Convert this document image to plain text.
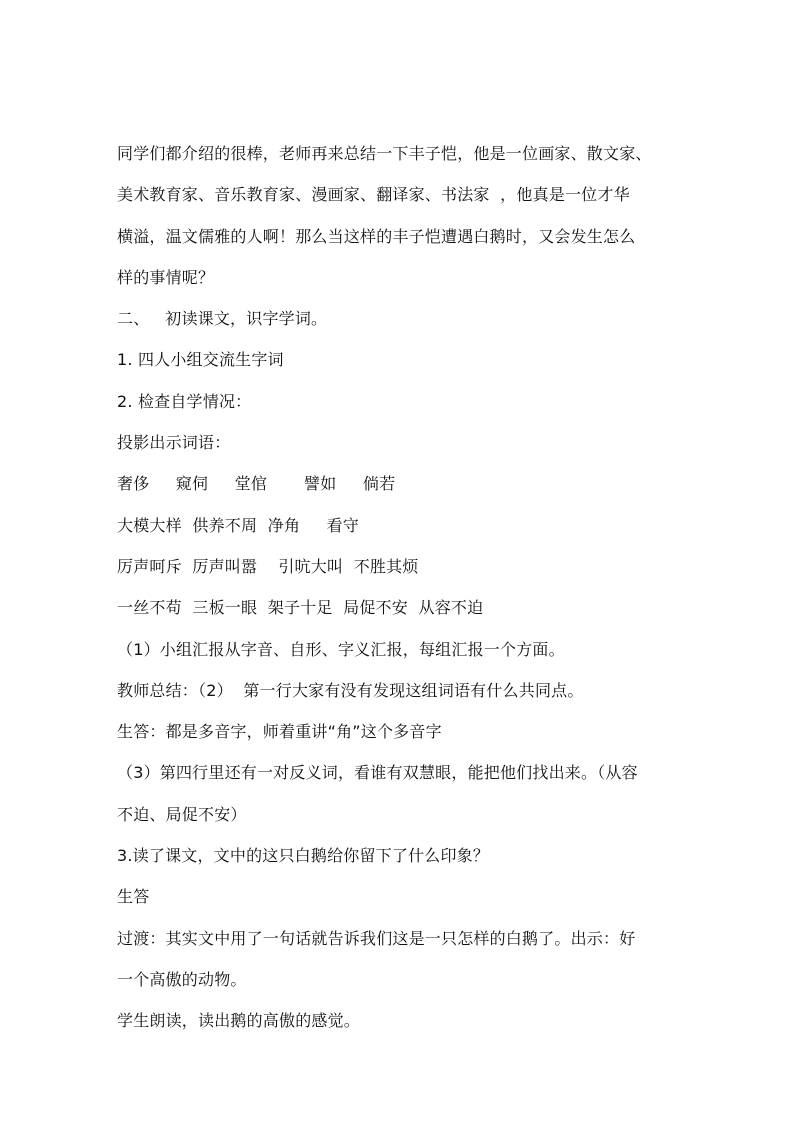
同学们都介绍的很棒，老师再来总结一下丰子恺，他是一位画家、散文家、
美术教育家、音乐教育家、漫画家、翻译家、书法家  ，他真是一位才华
横溢，温文儒雅的人啊！那么当这样的丰子恺遭遇白鹅时，又会发生怎么
样的事情呢？
二、   初读课文，识字学词。
1. 四人小组交流生字词
2. 检查自学情况：
投影出示词语：
奢侈     窥伺     堂倌       譬如     倘若
大模大样  供养不周  净角     看守
厉声呵斥  厉声叫嚣    引吭大叫  不胜其烦
一丝不苟  三板一眼  架子十足  局促不安  从容不迫
（1）小组汇报从字音、自形、字义汇报，每组汇报一个方面。
教师总结：（2）  第一行大家有没有发现这组词语有什么共同点。
生答：都是多音字，师着重讲“角”这个多音字
（3）第四行里还有一对反义词，看谁有双慧眼，能把他们找出来。（从容
不迫、局促不安）
3.读了课文，文中的这只白鹅给你留下了什么印象？
生答
过渡：其实文中用了一句话就告诉我们这是一只怎样的白鹅了。出示：好
一个高傲的动物。
学生朗读，读出鹅的高傲的感觉。
